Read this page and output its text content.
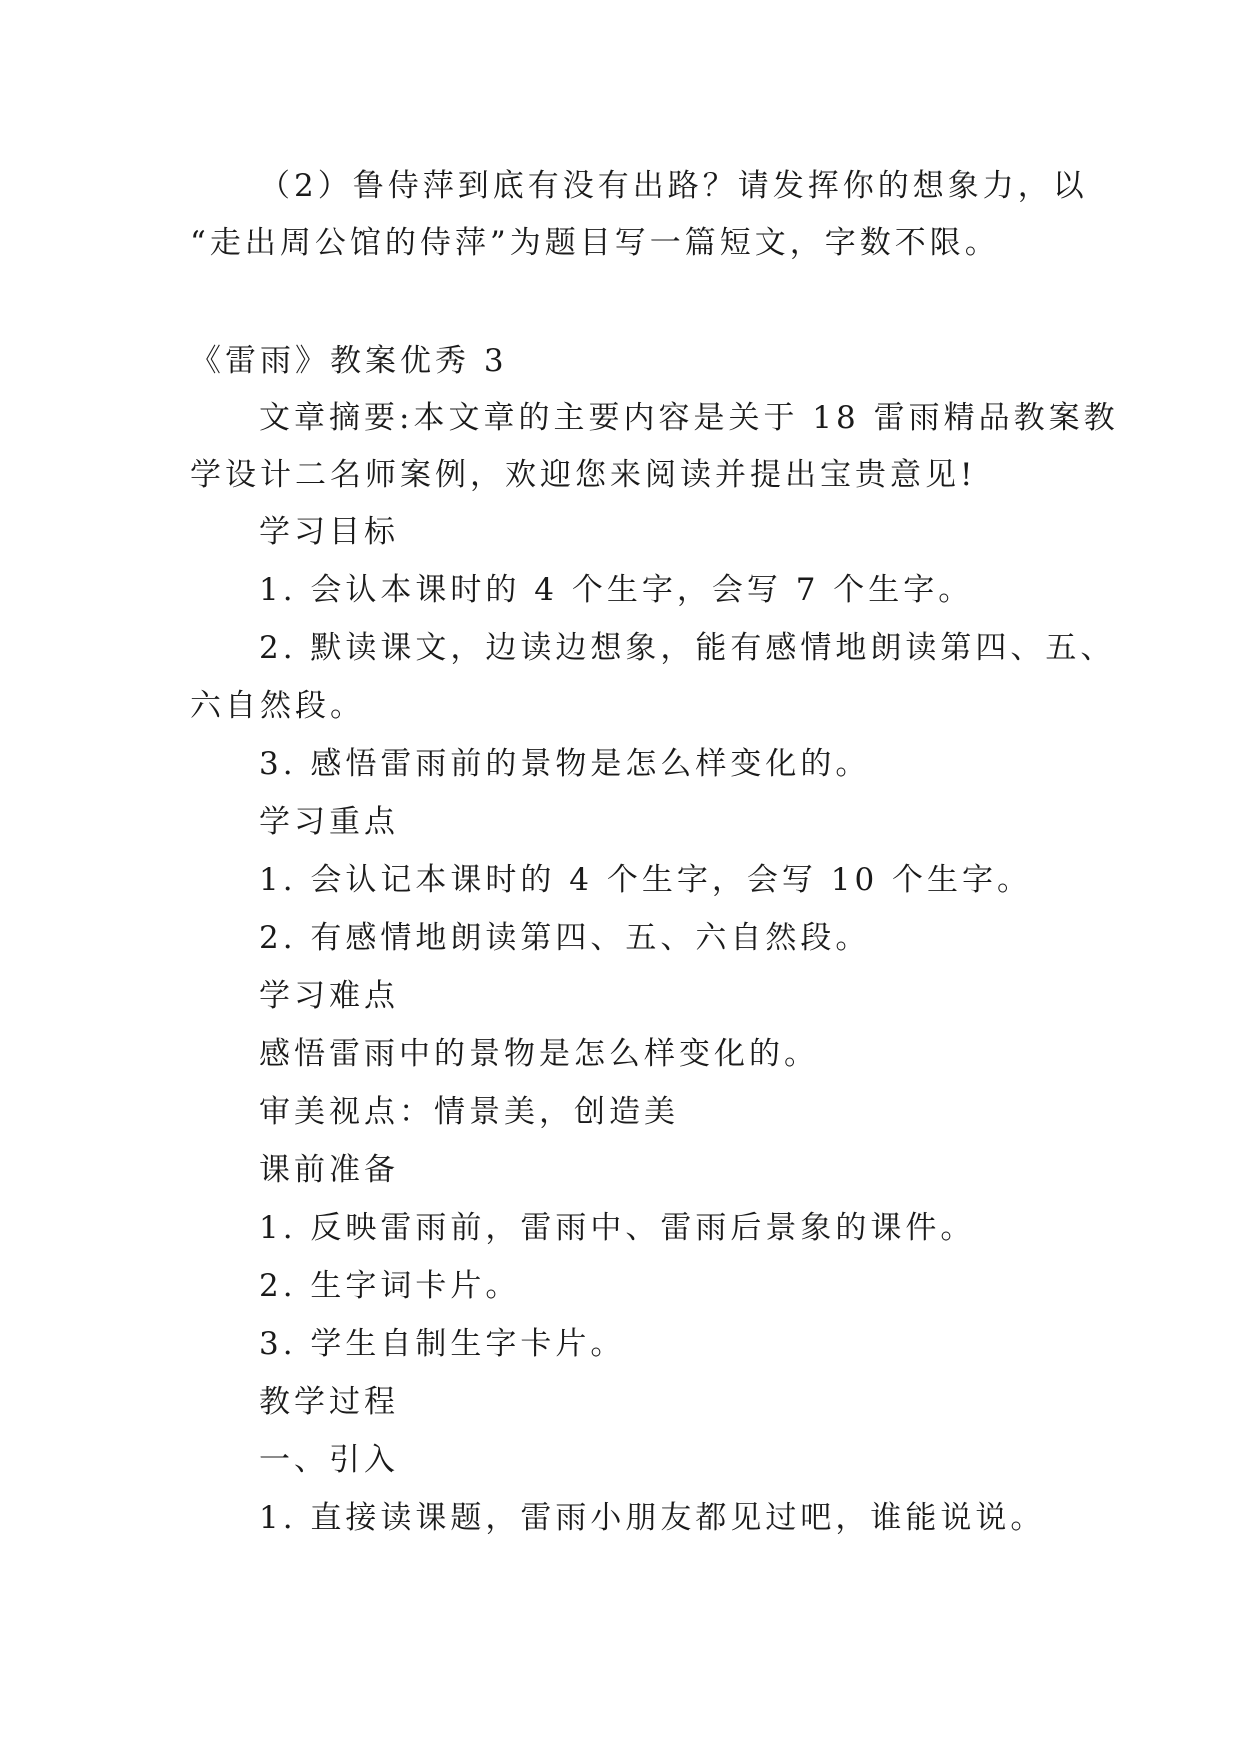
（2）鲁侍萍到底有没有出路？请发挥你的想象力，以
“走出周公馆的侍萍”为题目写一篇短文，字数不限。
《雷雨》教案优秀 3
文章摘要:本文章的主要内容是关于 18 雷雨精品教案教
学设计二名师案例，欢迎您来阅读并提出宝贵意见!
学习目标
1. 会认本课时的 4 个生字，会写 7 个生字。
2. 默读课文，边读边想象，能有感情地朗读第四、五、
六自然段。
3. 感悟雷雨前的景物是怎么样变化的。
学习重点
1. 会认记本课时的 4 个生字，会写 10 个生字。
2. 有感情地朗读第四、五、六自然段。
学习难点
感悟雷雨中的景物是怎么样变化的。
审美视点：情景美，创造美
课前准备
1. 反映雷雨前，雷雨中、雷雨后景象的课件。
2. 生字词卡片。
3. 学生自制生字卡片。
教学过程
一、引入
1. 直接读课题，雷雨小朋友都见过吧，谁能说说。
